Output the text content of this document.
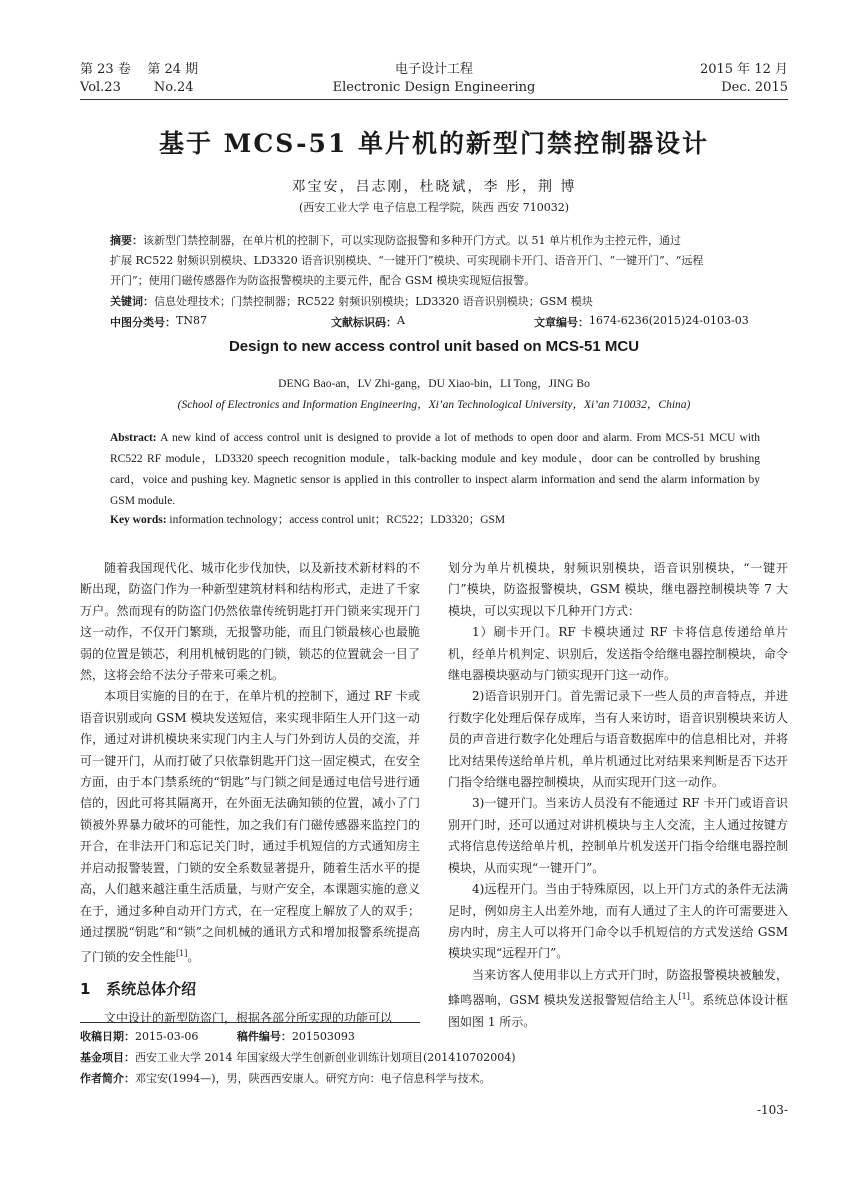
第 23 卷 第 24 期
Vol.23	No.24
电子设计工程
Electronic Design Engineering
2015 年 12 月
Dec. 2015
基于 MCS-51 单片机的新型门禁控制器设计
邓宝安，吕志刚，杜晓斌，李 彤，荆 博
(西安工业大学 电子信息工程学院，陕西 西安 710032)
摘要：该新型门禁控制器，在单片机的控制下，可以实现防盗报警和多种开门方式。以 51 单片机作为主控元件，通过
扩展 RC522 射频识别模块、LD3320 语音识别模块、“一键开门”模块、可实现刷卡开门、语音开门、“一键开门”、“远程
开门”；使用门磁传感器作为防盗报警模块的主要元件，配合 GSM 模块实现短信报警。
关键词：信息处理技术；门禁控制器；RC522 射频识别模块；LD3320 语音识别模块；GSM 模块
中图分类号： TN87	文献标识码： A	文章编号： 1674-6236(2015)24-0103-03
Design to new access control unit based on MCS-51 MCU
DENG Bao-an，LV Zhi-gang，DU Xiao-bin，LI Tong，JING Bo
(School of Electronics and Information Engineering，Xi’an Technological University，Xi’an 710032，China)
Abstract: A new kind of access control unit is designed to provide a lot of methods to open door and alarm. From MCS-51 MCU with RC522 RF module，LD3320 speech recognition module，talk-backing module and key module，door can be controlled by brushing card，voice and pushing key. Magnetic sensor is applied in this controller to inspect alarm information and send the alarm information by GSM module.
Key words: information technology；access control unit；RC522；LD3320；GSM

随着我国现代化、城市化步伐加快，以及新技术新材料的不断出现，防盗门作为一种新型建筑材料和结构形式，走进了千家万户。然而现有的防盗门仍然依靠传统钥匙打开门锁来实现开门这一动作，不仅开门繁琐，无报警功能，而且门锁最核心也最脆弱的位置是锁芯，利用机械钥匙的门锁，锁芯的位置就会一目了然，这将会给不法分子带来可乘之机。

本项目实施的目的在于，在单片机的控制下，通过 RF 卡或语音识别或向 GSM 模块发送短信，来实现非陌生人开门这一动作，通过对讲机模块来实现门内主人与门外到访人员的交流，并可一键开门，从而打破了只依靠钥匙开门这一固定模式，在安全方面，由于本门禁系统的“钥匙”与门锁之间是通过电信号进行通信的，因此可将其隔离开，在外面无法确知锁的位置，减小了门锁被外界暴力破坏的可能性，加之我们有门磁传感器来监控门的开合，在非法开门和忘记关门时，通过手机短信的方式通知房主并启动报警装置，门锁的安全系数显著提升，随着生活水平的提高，人们越来越注重生活质量，与财产安全，本课题实施的意义在于，通过多种自动开门方式，在一定程度上解放了人的双手；通过摆脱“钥匙”和“锁”之间机械的通讯方式和增加报警系统提高了门锁的安全性能[1]。

1 系统总体介绍

文中设计的新型防盗门，根据各部分所实现的功能可以

划分为单片机模块，射频识别模块，语音识别模块，“一键开门”模块，防盗报警模块，GSM 模块，继电器控制模块等 7 大模块，可以实现以下几种开门方式：

1）刷卡开门。RF 卡模块通过 RF 卡将信息传递给单片机，经单片机判定、识别后，发送指令给继电器控制模块，命令继电器模块驱动与门锁实现开门这一动作。

2)语音识别开门。首先需记录下一些人员的声音特点，并进行数字化处理后保存成库，当有人来访时，语音识别模块来访人员的声音进行数字化处理后与语音数据库中的信息相比对，并将比对结果传送给单片机，单片机通过比对结果来判断是否下达开门指令给继电器控制模块，从而实现开门这一动作。

3)一键开门。当来访人员没有不能通过 RF 卡开门或语音识别开门时，还可以通过对讲机模块与主人交流，主人通过按键方式将信息传送给单片机，控制单片机发送开门指令给继电器控制模块，从而实现“一键开门”。

4)远程开门。当由于特殊原因，以上开门方式的条件无法满足时，例如房主人出差外地，而有人通过了主人的许可需要进入房内时，房主人可以将开门命令以手机短信的方式发送给 GSM 模块实现“远程开门”。

当来访客人使用非以上方式开门时，防盗报警模块被触发，蜂鸣器响，GSM 模块发送报警短信给主人[1]。系统总体设计框图如图 1 所示。

收稿日期：2015-03-06	稿件编号：201503093
基金项目：西安工业大学 2014 年国家级大学生创新创业训练计划项目(201410702004)
作者简介：邓宝安(1994—)，男，陕西西安康人。研究方向：电子信息科学与技术。
-103-
